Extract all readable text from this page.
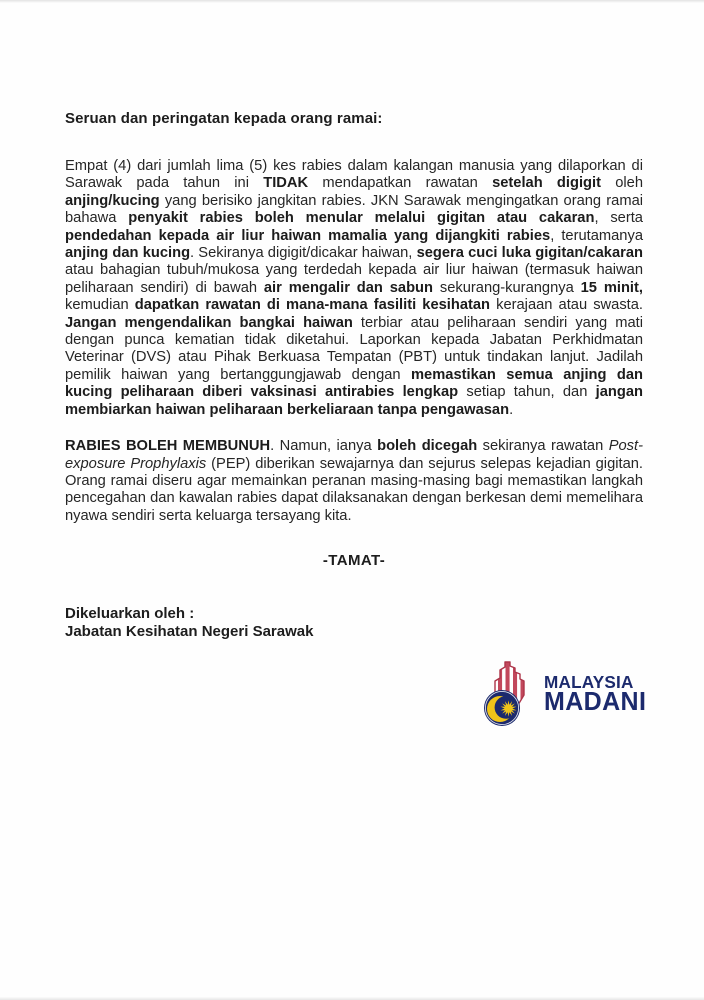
Seruan dan peringatan kepada orang ramai:

Empat (4) dari jumlah lima (5) kes rabies dalam kalangan manusia yang dilaporkan di Sarawak pada tahun ini TIDAK mendapatkan rawatan setelah digigit oleh anjing/kucing yang berisiko jangkitan rabies. JKN Sarawak mengingatkan orang ramai bahawa penyakit rabies boleh menular melalui gigitan atau cakaran, serta pendedahan kepada air liur haiwan mamalia yang dijangkiti rabies, terutamanya anjing dan kucing. Sekiranya digigit/dicakar haiwan, segera cuci luka gigitan/cakaran atau bahagian tubuh/mukosa yang terdedah kepada air liur haiwan (termasuk haiwan peliharaan sendiri) di bawah air mengalir dan sabun sekurang-kurangnya 15 minit, kemudian dapatkan rawatan di mana-mana fasiliti kesihatan kerajaan atau swasta. Jangan mengendalikan bangkai haiwan terbiar atau peliharaan sendiri yang mati dengan punca kematian tidak diketahui. Laporkan kepada Jabatan Perkhidmatan Veterinar (DVS) atau Pihak Berkuasa Tempatan (PBT) untuk tindakan lanjut. Jadilah pemilik haiwan yang bertanggungjawab dengan memastikan semua anjing dan kucing peliharaan diberi vaksinasi antirabies lengkap setiap tahun, dan jangan membiarkan haiwan peliharaan berkeliaraan tanpa pengawasan.

RABIES BOLEH MEMBUNUH. Namun, ianya boleh dicegah sekiranya rawatan Post-exposure Prophylaxis (PEP) diberikan sewajarnya dan sejurus selepas kejadian gigitan. Orang ramai diseru agar memainkan peranan masing-masing bagi memastikan langkah pencegahan dan kawalan rabies dapat dilaksanakan dengan berkesan demi memelihara nyawa sendiri serta keluarga tersayang kita.

-TAMAT-

Dikeluarkan oleh :
Jabatan Kesihatan Negeri Sarawak
MALAYSIA
MADANI
